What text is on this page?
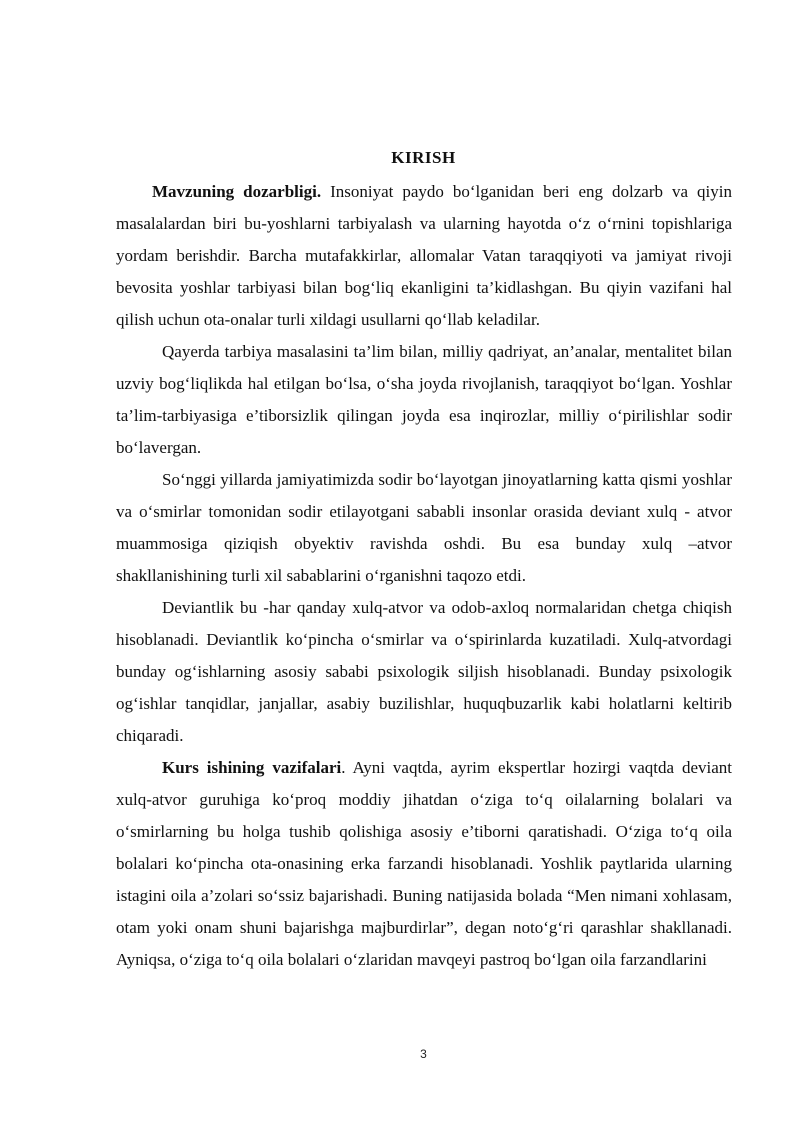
KIRISH

Mavzuning dozarbligi. Insoniyat paydo bo‘lganidan beri eng dolzarb va qiyin masalalardan biri bu-yoshlarni tarbiyalash va ularning hayotda o‘z o‘rnini topishlariga yordam berishdir. Barcha mutafakkirlar, allomalar Vatan taraqqiyoti va jamiyat rivoji bevosita yoshlar tarbiyasi bilan bog‘liq ekanligini ta’kidlashgan. Bu qiyin vazifani hal qilish uchun ota-onalar turli xildagi usullarni qo‘llab keladilar.

Qayerda tarbiya masalasini ta’lim bilan, milliy qadriyat, an’analar, mentalitet bilan uzviy bog‘liqlikda hal etilgan bo‘lsa, o‘sha joyda rivojlanish, taraqqiyot bo‘lgan. Yoshlar ta’lim-tarbiyasiga e’tiborsizlik qilingan joyda esa inqirozlar, milliy o‘pirilishlar sodir bo‘lavergan.

So‘nggi yillarda jamiyatimizda sodir bo‘layotgan jinoyatlarning katta qismi yoshlar va o‘smirlar tomonidan sodir etilayotgani sababli insonlar orasida deviant xulq - atvor muammosiga qiziqish obyektiv ravishda oshdi. Bu esa bunday xulq –atvor shakllanishining turli xil sabablarini o‘rganishni taqozo etdi.

Deviantlik bu -har qanday xulq-atvor va odob-axloq normalaridan chetga chiqish hisoblanadi. Deviantlik ko‘pincha o‘smirlar va o‘spirinlarda kuzatiladi. Xulq-atvordagi bunday og‘ishlarning asosiy sababi psixologik siljish hisoblanadi. Bunday psixologik og‘ishlar tanqidlar, janjallar, asabiy buzilishlar, huquqbuzarlik kabi holatlarni keltirib chiqaradi.

Kurs ishining vazifalari. Ayni vaqtda, ayrim ekspertlar hozirgi vaqtda deviant xulq-atvor guruhiga ko‘proq moddiy jihatdan o‘ziga to‘q oilalarning bolalari va o‘smirlarning bu holga tushib qolishiga asosiy e’tiborni qaratishadi. O‘ziga to‘q oila bolalari ko‘pincha ota-onasining erka farzandi hisoblanadi. Yoshlik paytlarida ularning istagini oila a’zolari so‘ssiz bajarishadi. Buning natijasida bolada “Men nimani xohlasam, otam yoki onam shuni bajarishga majburdirlar”, degan noto‘g‘ri qarashlar shakllanadi. Ayniqsa, o‘ziga to‘q oila bolalari o‘zlaridan mavqeyi pastroq bo‘lgan oila farzandlarini

3
